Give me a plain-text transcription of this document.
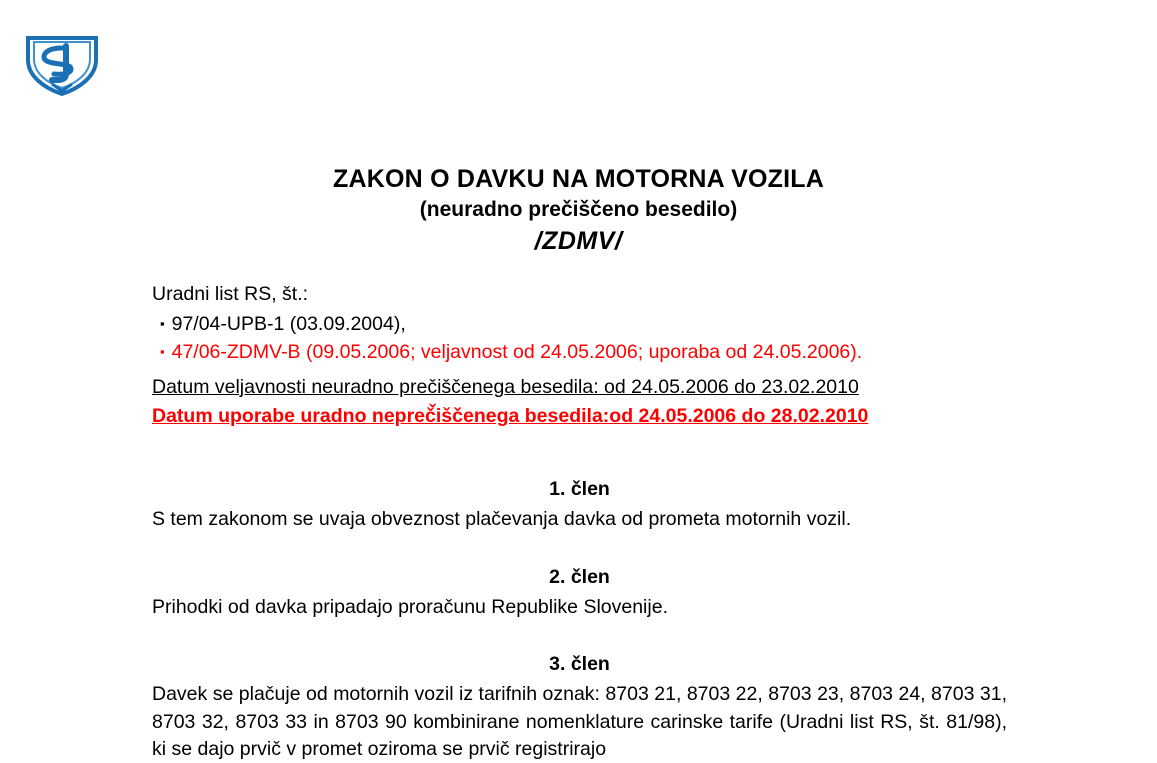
ZAKON O DAVKU NA MOTORNA VOZILA
(neuradno prečiščeno besedilo)
/ZDMV/
Uradni list RS, št.:
▪ 97/04-UPB-1 (03.09.2004),
▪ 47/06-ZDMV-B (09.05.2006; veljavnost od 24.05.2006; uporaba od 24.05.2006).
Datum veljavnosti neuradno prečiščenega besedila: od 24.05.2006 do 23.02.2010
Datum uporabe uradno nepreč̌iščenega besedila:od 24.05.2006 do 28.02.2010
1. člen
S tem zakonom se uvaja obveznost plačevanja davka od prometa motornih vozil.
2. člen
Prihodki od davka pripadajo proračunu Republike Slovenije.
3. člen
Davek se plačuje od motornih vozil iz tarifnih oznak: 8703 21, 8703 22, 8703 23, 8703 24, 8703 31, 8703 32, 8703 33 in 8703 90 kombinirane nomenklature carinske tarife (Uradni list RS, št. 81/98), ki se dajo prvič v promet oziroma se prvič registrirajo
